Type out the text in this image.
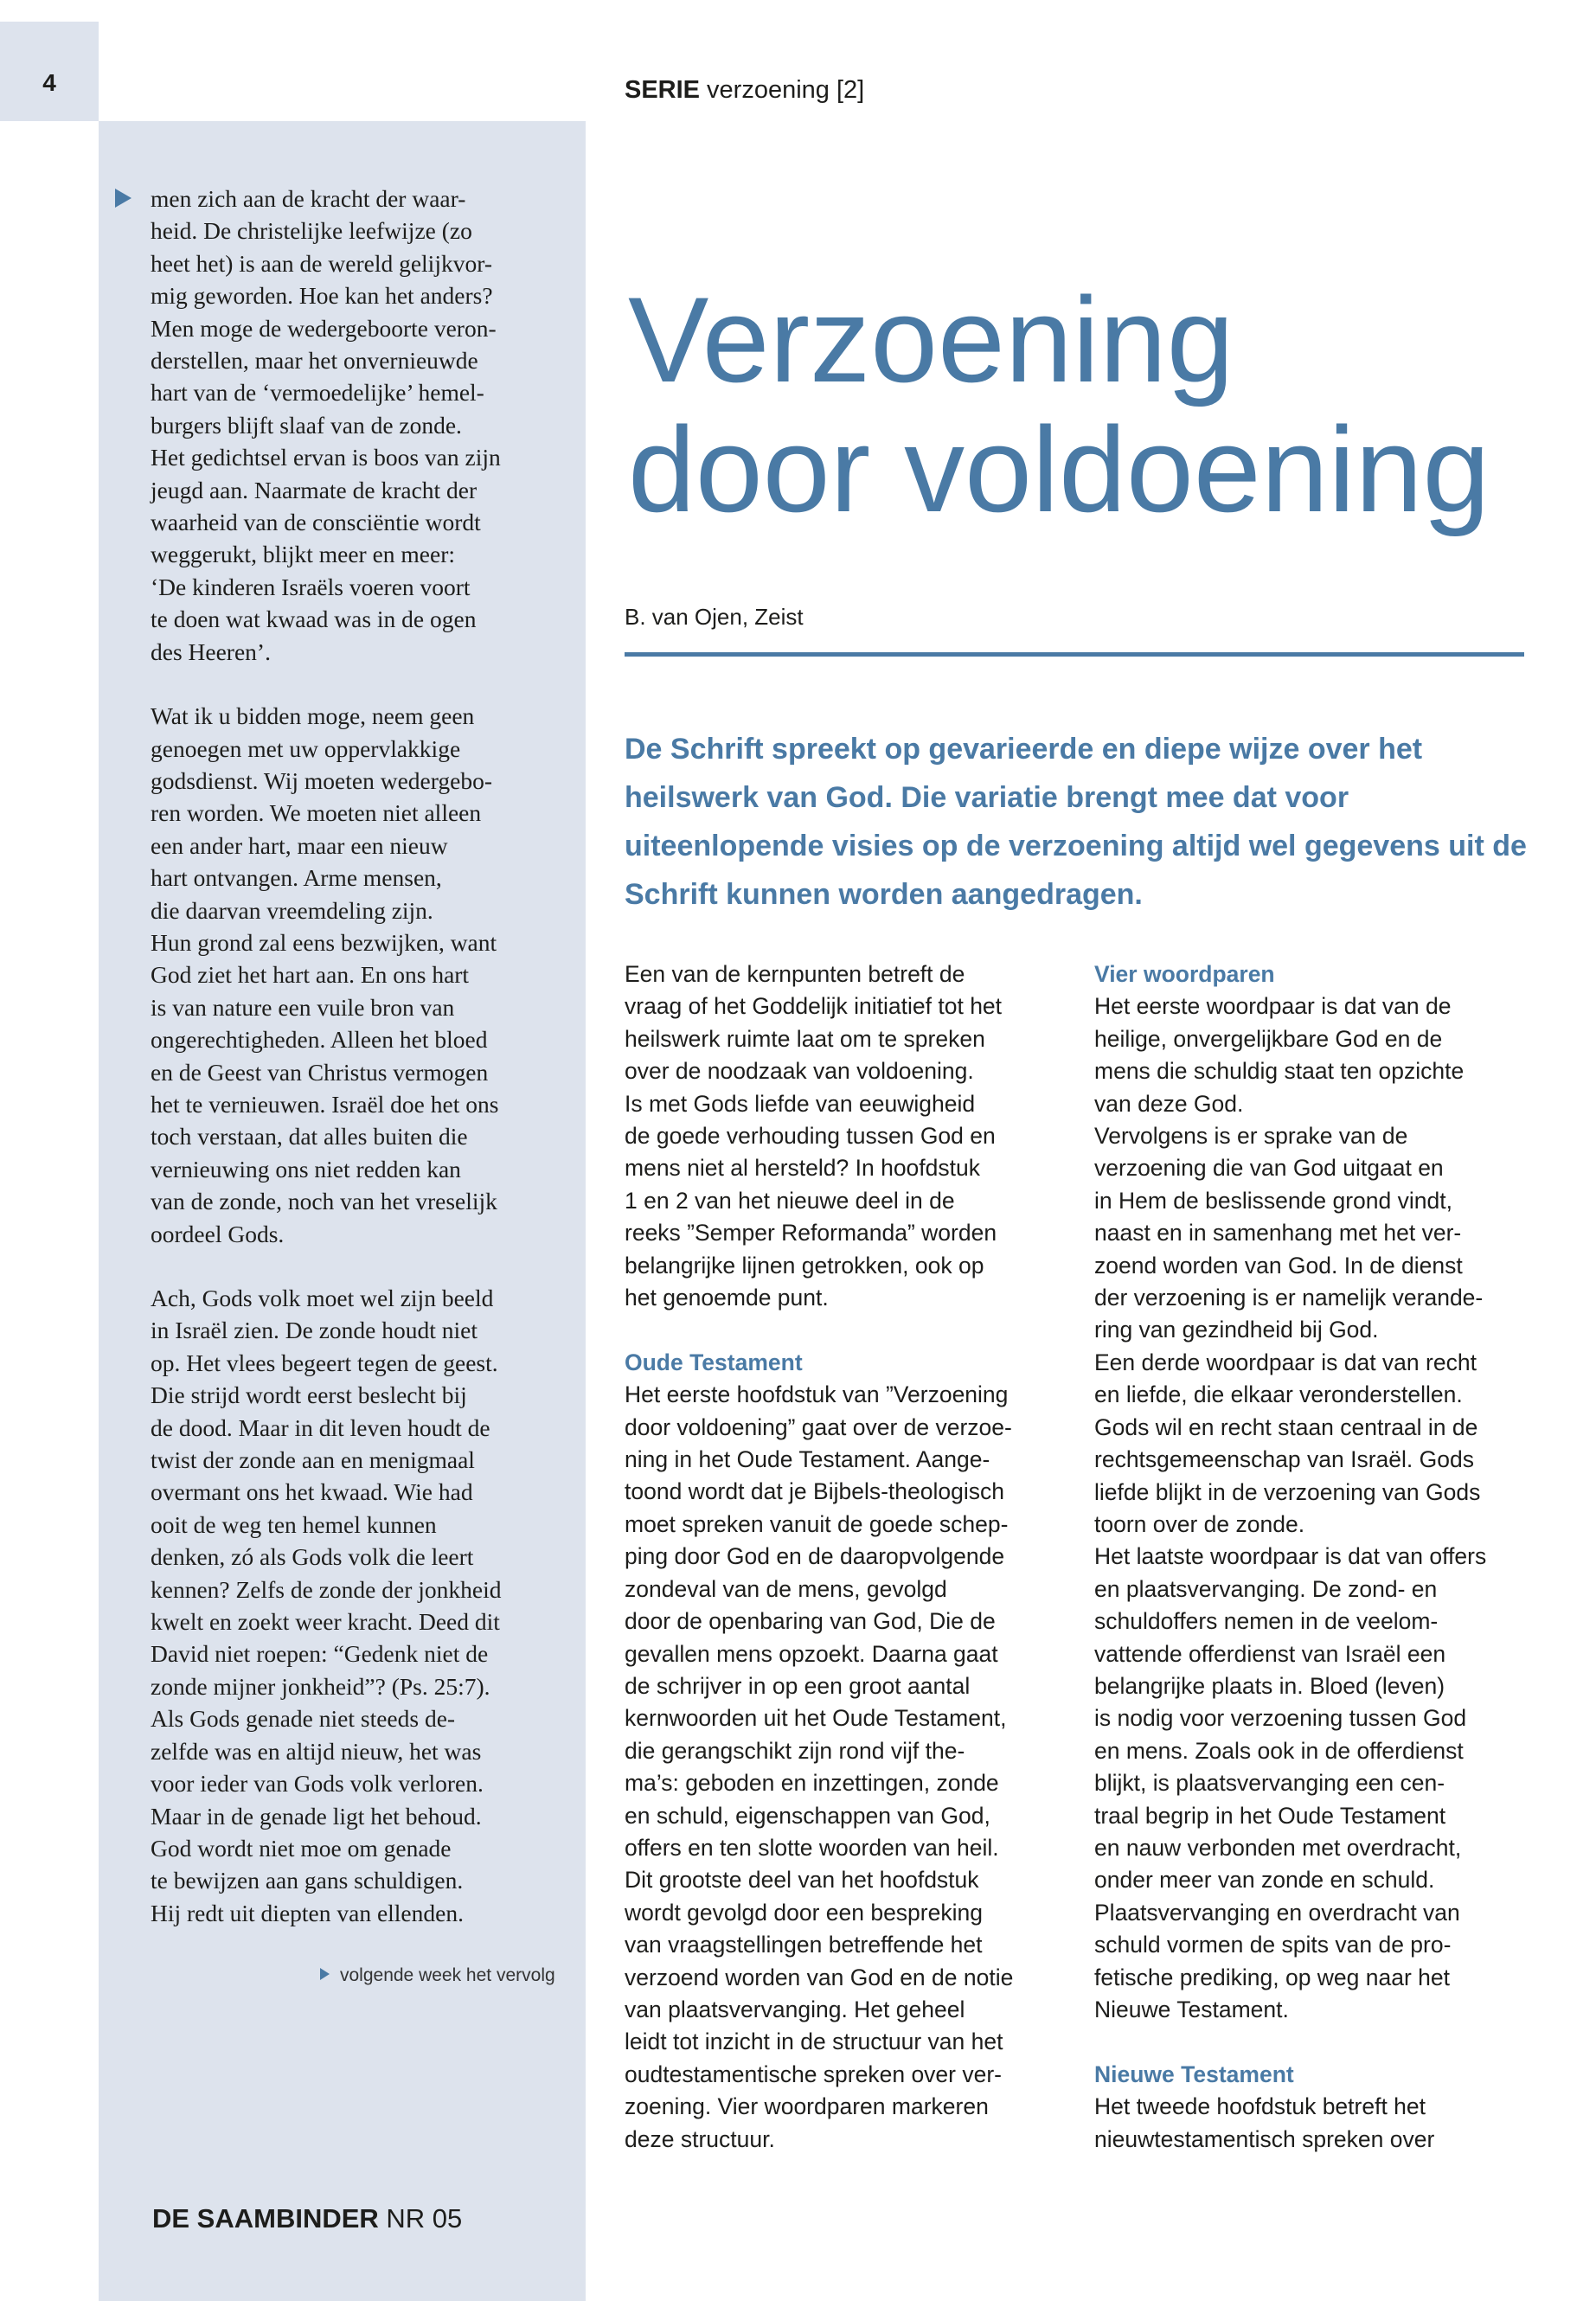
4	SERIE verzoening [2]

men zich aan de kracht der waar-
heid. De christelijke leefwijze (zo
heet het) is aan de wereld gelijkvor-
mig geworden. Hoe kan het anders?
Men moge de wedergeboorte veron-
derstellen, maar het onvernieuwde
hart van de ‘vermoedelijke’ hemel-
burgers blijft slaaf van de zonde.
Het gedichtsel ervan is boos van zijn
jeugd aan. Naarmate de kracht der
waarheid van de consciëntie wordt
weggerukt, blijkt meer en meer:
‘De kinderen Israëls voeren voort
te doen wat kwaad was in de ogen
des Heeren’.

Wat ik u bidden moge, neem geen
genoegen met uw oppervlakkige
godsdienst. Wij moeten wedergebo-
ren worden. We moeten niet alleen
een ander hart, maar een nieuw
hart ontvangen. Arme mensen,
die daarvan vreemdeling zijn.
Hun grond zal eens bezwijken, want
God ziet het hart aan. En ons hart
is van nature een vuile bron van
ongerechtigheden. Alleen het bloed
en de Geest van Christus vermogen
het te vernieuwen. Israël doe het ons
toch verstaan, dat alles buiten die
vernieuwing ons niet redden kan
van de zonde, noch van het vreselijk
oordeel Gods.

Ach, Gods volk moet wel zijn beeld
in Israël zien. De zonde houdt niet
op. Het vlees begeert tegen de geest.
Die strijd wordt eerst beslecht bij
de dood. Maar in dit leven houdt de
twist der zonde aan en menigmaal
overmant ons het kwaad. Wie had
ooit de weg ten hemel kunnen
denken, zó als Gods volk die leert
kennen? Zelfs de zonde der jonkheid
kwelt en zoekt weer kracht. Deed dit
David niet roepen: “Gedenk niet de
zonde mijner jonkheid”? (Ps. 25:7).
Als Gods genade niet steeds de-
zelfde was en altijd nieuw, het was
voor ieder van Gods volk verloren.
Maar in de genade ligt het behoud.
God wordt niet moe om genade
te bewijzen aan gans schuldigen.
Hij redt uit diepten van ellenden.

volgende week het vervolg
DE SAAMBINDER NR 05
Verzoening
door voldoening
B. van Ojen, Zeist
De Schrift spreekt op gevarieerde en diepe wijze over het heilswerk van God. Die variatie brengt mee dat voor uiteenlopende visies op de verzoening altijd wel gegevens uit de Schrift kunnen worden aangedragen.

Een van de kernpunten betreft de
vraag of het Goddelijk initiatief tot het
heilswerk ruimte laat om te spreken
over de noodzaak van voldoening.
Is met Gods liefde van eeuwigheid
de goede verhouding tussen God en
mens niet al hersteld? In hoofdstuk
1 en 2 van het nieuwe deel in de
reeks ”Semper Reformanda” worden
belangrijke lijnen getrokken, ook op
het genoemde punt.

Oude Testament

Het eerste hoofdstuk van ”Verzoening
door voldoening” gaat over de verzoe-
ning in het Oude Testament. Aange-
toond wordt dat je Bijbels-theologisch
moet spreken vanuit de goede schep-
ping door God en de daaropvolgende
zondeval van de mens, gevolgd
door de openbaring van God, Die de
gevallen mens opzoekt. Daarna gaat
de schrijver in op een groot aantal
kernwoorden uit het Oude Testament,
die gerangschikt zijn rond vijf the-
ma’s: geboden en inzettingen, zonde
en schuld, eigenschappen van God,
offers en ten slotte woorden van heil.
Dit grootste deel van het hoofdstuk
wordt gevolgd door een bespreking
van vraagstellingen betreffende het
verzoend worden van God en de notie
van plaatsvervanging. Het geheel
leidt tot inzicht in de structuur van het
oudtestamentische spreken over ver-
zoening. Vier woordparen markeren
deze structuur.

Vier woordparen

Het eerste woordpaar is dat van de
heilige, onvergelijkbare God en de
mens die schuldig staat ten opzichte
van deze God.
Vervolgens is er sprake van de
verzoening die van God uitgaat en
in Hem de beslissende grond vindt,
naast en in samenhang met het ver-
zoend worden van God. In de dienst
der verzoening is er namelijk verande-
ring van gezindheid bij God.
Een derde woordpaar is dat van recht
en liefde, die elkaar veronderstellen.
Gods wil en recht staan centraal in de
rechtsgemeenschap van Israël. Gods
liefde blijkt in de verzoening van Gods
toorn over de zonde.
Het laatste woordpaar is dat van offers
en plaatsvervanging. De zond- en
schuldoffers nemen in de veelom-
vattende offerdienst van Israël een
belangrijke plaats in. Bloed (leven)
is nodig voor verzoening tussen God
en mens. Zoals ook in de offerdienst
blijkt, is plaatsvervanging een cen-
traal begrip in het Oude Testament
en nauw verbonden met overdracht,
onder meer van zonde en schuld.
Plaatsvervanging en overdracht van
schuld vormen de spits van de pro-
fetische prediking, op weg naar het
Nieuwe Testament.

Nieuwe Testament

Het tweede hoofdstuk betreft het
nieuwtestamentisch spreken over
